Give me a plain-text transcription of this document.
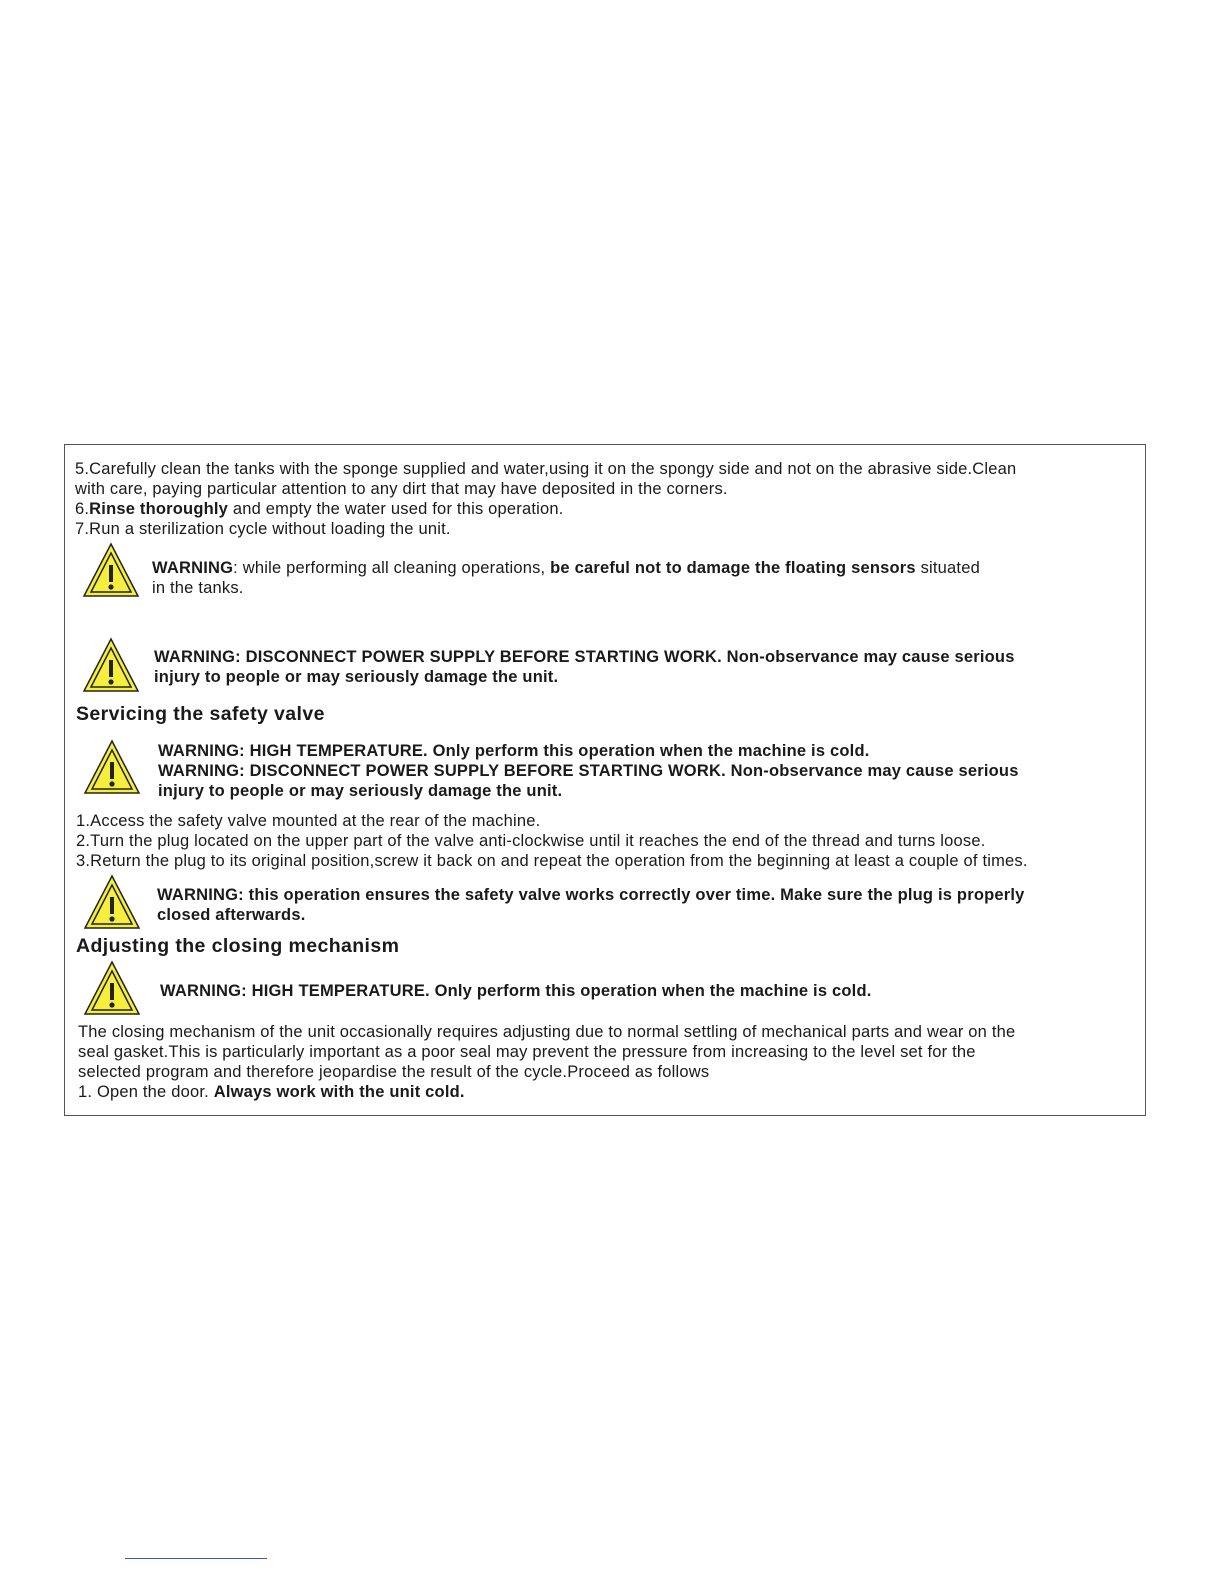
5.Carefully clean the tanks with the sponge supplied and water,using it on the spongy side and not on the abrasive side.Clean
with care, paying particular attention to any dirt that may have deposited in the corners.
6.Rinse thoroughly and empty the water used for this operation.
7.Run a sterilization cycle without loading the unit.
WARNING: while performing all cleaning operations, be careful not to damage the floating sensors situated
in the tanks.
WARNING: DISCONNECT POWER SUPPLY BEFORE STARTING WORK. Non-observance may cause serious
injury to people or may seriously damage the unit.
Servicing the safety valve
WARNING: HIGH TEMPERATURE. Only perform this operation when the machine is cold.
WARNING: DISCONNECT POWER SUPPLY BEFORE STARTING WORK. Non-observance may cause serious
injury to people or may seriously damage the unit.
1.Access the safety valve mounted at the rear of the machine.
2.Turn the plug located on the upper part of the valve anti-clockwise until it reaches the end of the thread and turns loose.
3.Return the plug to its original position,screw it back on and repeat the operation from the beginning at least a couple of times.
WARNING: this operation ensures the safety valve works correctly over time. Make sure the plug is properly
closed afterwards.
Adjusting the closing mechanism
WARNING: HIGH TEMPERATURE. Only perform this operation when the machine is cold.
The closing mechanism of the unit occasionally requires adjusting due to normal settling of mechanical parts and wear on the
seal gasket.This is particularly important as a poor seal may prevent the pressure from increasing to the level set for the
selected program and therefore jeopardise the result of the cycle.Proceed as follows
1. Open the door. Always work with the unit cold.
